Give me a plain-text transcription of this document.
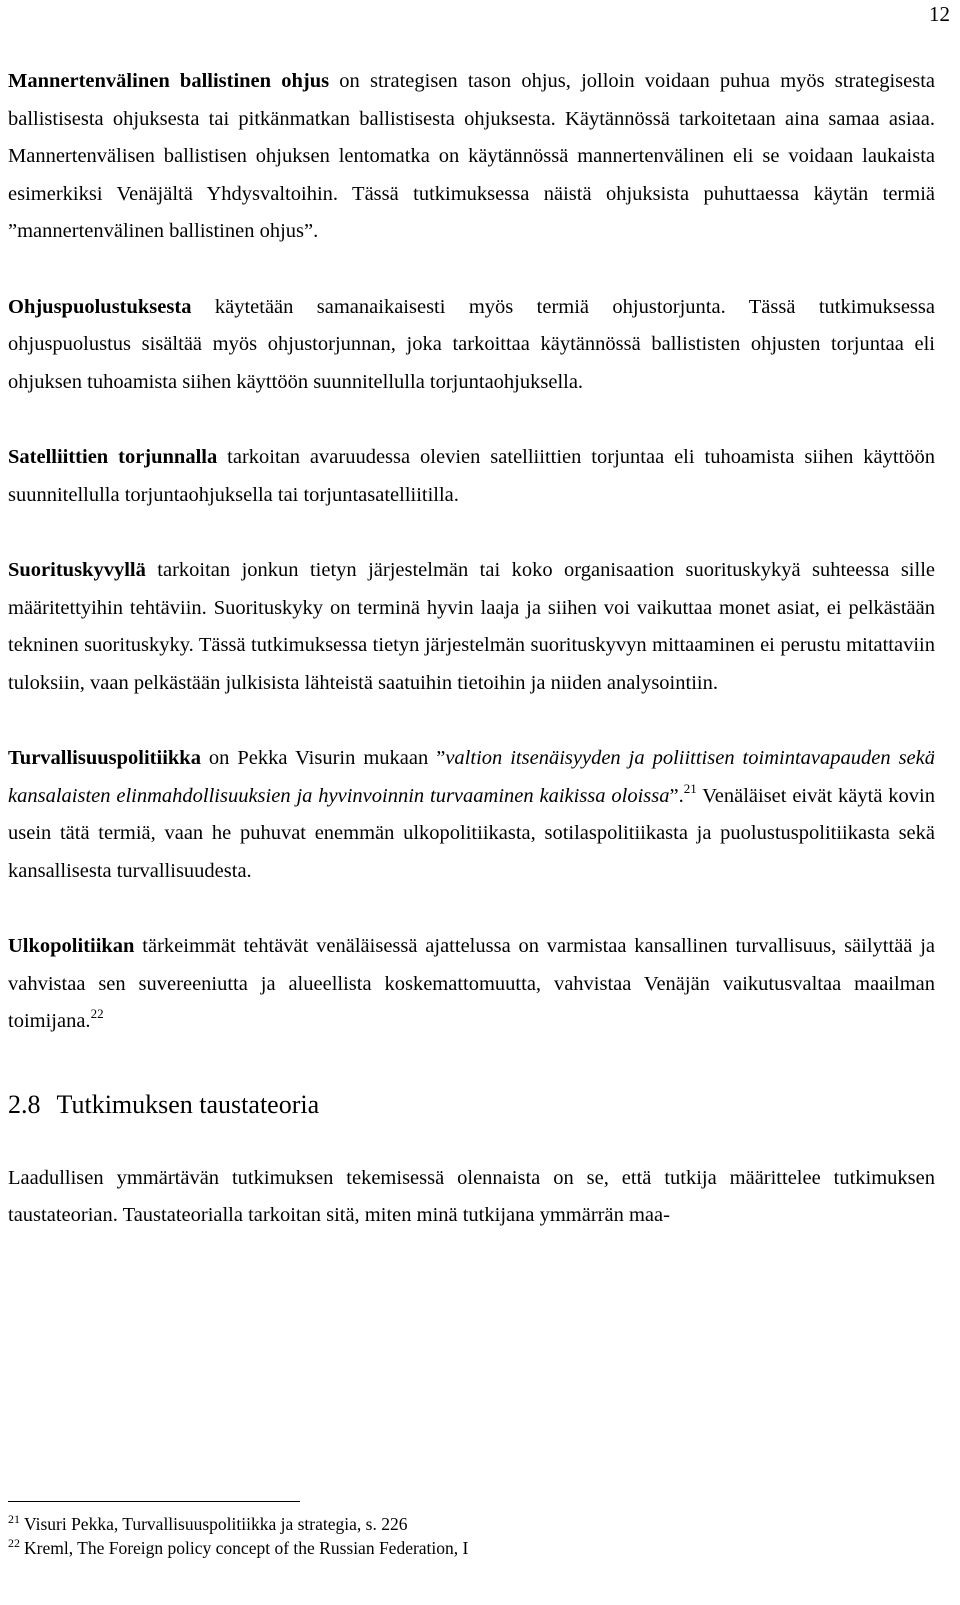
12

Mannertenvälinen ballistinen ohjus on strategisen tason ohjus, jolloin voidaan puhua myös strategisesta ballistisesta ohjuksesta tai pitkänmatkan ballistisesta ohjuksesta. Käytännössä tarkoitetaan aina samaa asiaa. Mannertenvälisen ballistisen ohjuksen lentomatka on käytännössä mannertenvälinen eli se voidaan laukaista esimerkiksi Venäjältä Yhdysvaltoihin. Tässä tutkimuksessa näistä ohjuksista puhuttaessa käytän termiä ”mannertenvälinen ballistinen ohjus”.

Ohjuspuolustuksesta käytetään samanaikaisesti myös termiä ohjustorjunta. Tässä tutkimuksessa ohjuspuolustus sisältää myös ohjustorjunnan, joka tarkoittaa käytännössä ballististen ohjusten torjuntaa eli ohjuksen tuhoamista siihen käyttöön suunnitellulla torjuntaohjuksella.

Satelliittien torjunnalla tarkoitan avaruudessa olevien satelliittien torjuntaa eli tuhoamista siihen käyttöön suunnitellulla torjuntaohjuksella tai torjuntasatelliitilla.

Suorituskyvyllä tarkoitan jonkun tietyn järjestelmän tai koko organisaation suorituskykyä suhteessa sille määritettyihin tehtäviin. Suorituskyky on terminä hyvin laaja ja siihen voi vaikuttaa monet asiat, ei pelkästään tekninen suorituskyky. Tässä tutkimuksessa tietyn järjestelmän suorituskyvyn mittaaminen ei perustu mitattaviin tuloksiin, vaan pelkästään julkisista lähteistä saatuihin tietoihin ja niiden analysointiin.

Turvallisuuspolitiikka on Pekka Visurin mukaan ”valtion itsenäisyyden ja poliittisen toimintavapauden sekä kansalaisten elinmahdollisuuksien ja hyvinvoinnin turvaaminen kaikissa oloissa”.$^{21}$ Venäläiset eivät käytä kovin usein tätä termiä, vaan he puhuvat enemmän ulkopolitiikasta, sotilaspolitiikasta ja puolustuspolitiikasta sekä kansallisesta turvallisuudesta.

Ulkopolitiikan tärkeimmät tehtävät venäläisessä ajattelussa on varmistaa kansallinen turvallisuus, säilyttää ja vahvistaa sen suvereeniutta ja alueellista koskemattomuutta, vahvistaa Venäjän vaikutusvaltaa maailman toimijana.$^{22}$

2.8 Tutkimuksen taustateoria

Laadullisen ymmärtävän tutkimuksen tekemisessä olennaista on se, että tutkija määrittelee tutkimuksen taustateorian. Taustateorialla tarkoitan sitä, miten minä tutkijana ymmärrän maa-

$^{21}$ Visuri Pekka, Turvallisuuspolitiikka ja strategia, s. 226
$^{22}$ Kreml, The Foreign policy concept of the Russian Federation, I
